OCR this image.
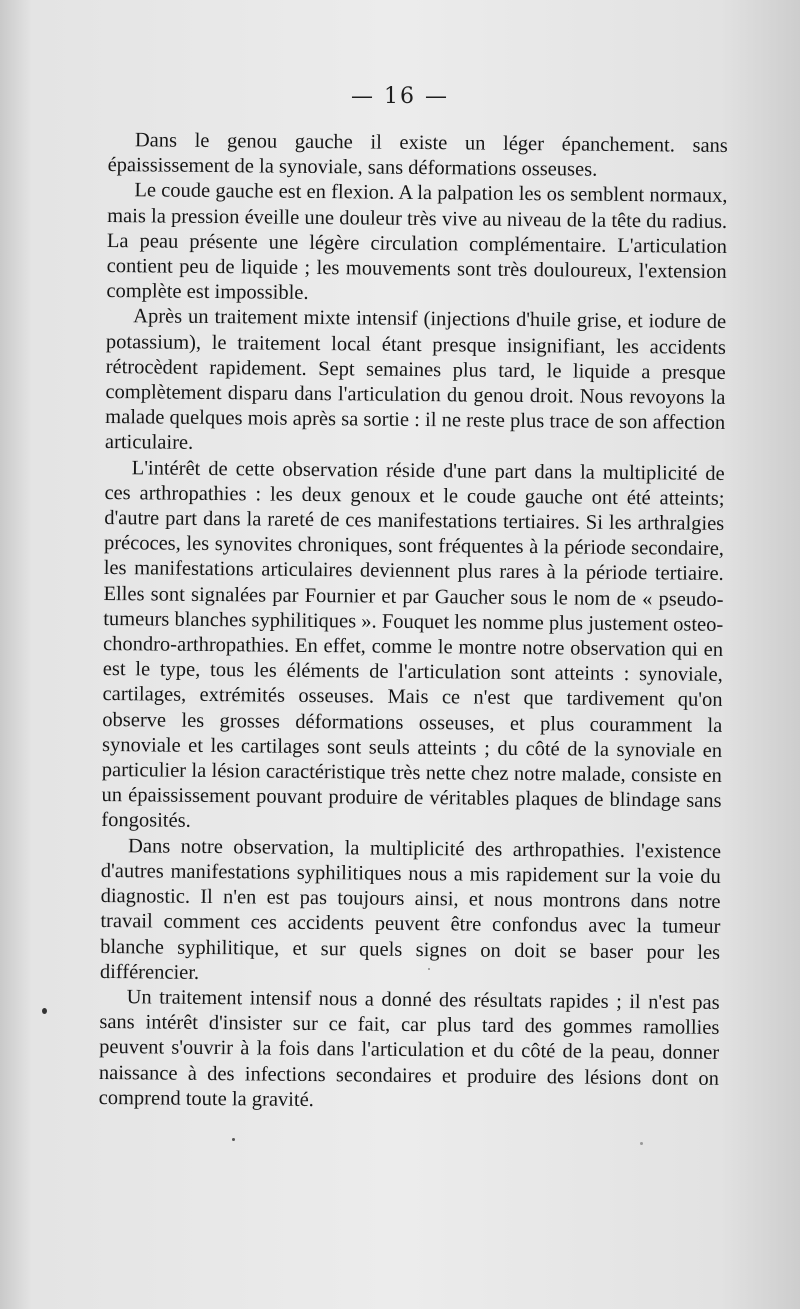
— 16 —

Dans le genou gauche il existe un léger épanchement. sans épaississement de la synoviale, sans déformations osseuses.

Le coude gauche est en flexion. A la palpation les os semblent normaux, mais la pression éveille une douleur très vive au niveau de la tête du radius. La peau présente une légère circulation complémentaire. L'articulation contient peu de liquide ; les mouvements sont très douloureux, l'extension complète est impossible.

Après un traitement mixte intensif (injections d'huile grise, et iodure de potassium), le traitement local étant presque insignifiant, les accidents rétrocèdent rapidement. Sept semaines plus tard, le liquide a presque complètement disparu dans l'articulation du genou droit. Nous revoyons la malade quelques mois après sa sortie : il ne reste plus trace de son affection articulaire.

L'intérêt de cette observation réside d'une part dans la multiplicité de ces arthropathies : les deux genoux et le coude gauche ont été atteints; d'autre part dans la rareté de ces manifestations tertiaires. Si les arthralgies précoces, les synovites chroniques, sont fréquentes à la période secondaire, les manifestations articulaires deviennent plus rares à la période tertiaire. Elles sont signalées par Fournier et par Gaucher sous le nom de « pseudo-tumeurs blanches syphilitiques ». Fouquet les nomme plus justement osteo-chondro-arthropathies. En effet, comme le montre notre observation qui en est le type, tous les éléments de l'articulation sont atteints : synoviale, cartilages, extrémités osseuses. Mais ce n'est que tardivement qu'on observe les grosses déformations osseuses, et plus couramment la synoviale et les cartilages sont seuls atteints ; du côté de la synoviale en particulier la lésion caractéristique très nette chez notre malade, consiste en un épaississement pouvant produire de véritables plaques de blindage sans fongosités.

Dans notre observation, la multiplicité des arthropathies. l'existence d'autres manifestations syphilitiques nous a mis rapidement sur la voie du diagnostic. Il n'en est pas toujours ainsi, et nous montrons dans notre travail comment ces accidents peuvent être confondus avec la tumeur blanche syphilitique, et sur quels signes on doit se baser pour les différencier.

Un traitement intensif nous a donné des résultats rapides ; il n'est pas sans intérêt d'insister sur ce fait, car plus tard des gommes ramollies peuvent s'ouvrir à la fois dans l'articulation et du côté de la peau, donner naissance à des infections secondaires et produire des lésions dont on comprend toute la gravité.
